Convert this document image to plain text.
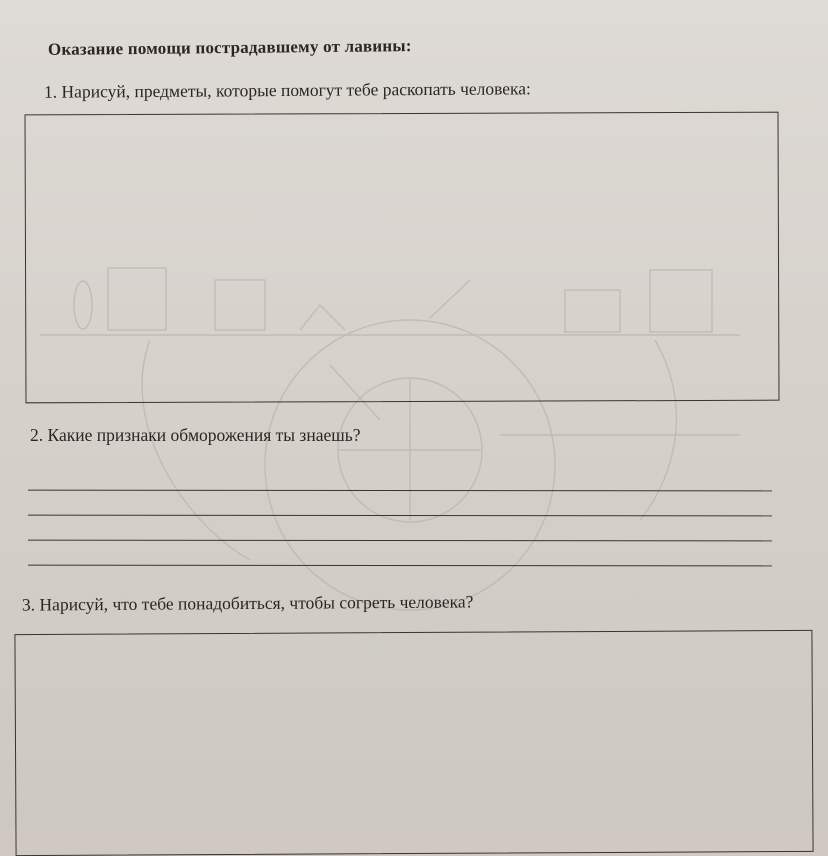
Оказание помощи пострадавшему от лавины:
1. Нарисуй, предметы, которые помогут тебе раскопать человека:
2. Какие признаки обморожения ты знаешь?
3. Нарисуй, что тебе понадобиться, чтобы согреть человека?
